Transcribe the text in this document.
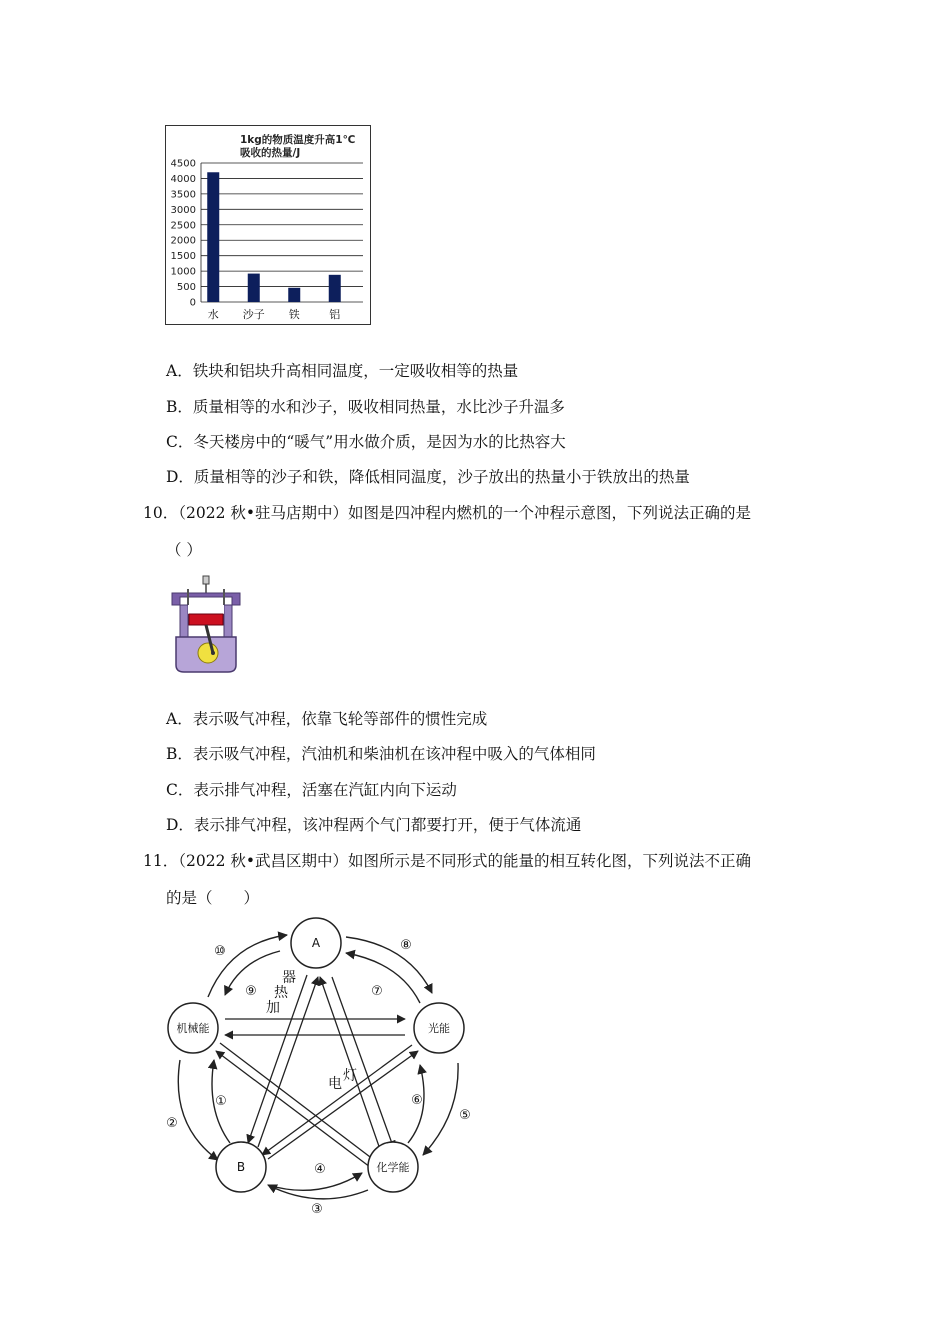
1kg的物质温度升高1℃
吸收的热量/J
0
500
1000
1500
2000
2500
3000
3500
4000
4500
水 沙子 铁	铝
A．铁块和铝块升高相同温度，一定吸收相等的热量
B．质量相等的水和沙子，吸收相同热量，水比沙子升温多
C．冬天楼房中的“暖气”用水做介质，是因为水的比热容大
D．质量相等的沙子和铁，降低相同温度，沙子放出的热量小于铁放出的热量
10．（2022 秋•驻马店期中）如图是四冲程内燃机的一个冲程示意图，下列说法正确的是
（ ）
A．表示吸气冲程，依靠飞轮等部件的惯性完成
B．表示吸气冲程，汽油机和柴油机在该冲程中吸入的气体相同
C．表示排气冲程，活塞在汽缸内向下运动
D．表示排气冲程，该冲程两个气门都要打开，便于气体流通
11．（2022 秋•武昌区期中）如图所示是不同形式的能量的相互转化图，下列说法不正确
的是（　　）
A
机械能	光能
B	化学能
器
热
加
灯
电
①
②
③
④
⑤
⑥
⑦
⑧
⑨
⑩
